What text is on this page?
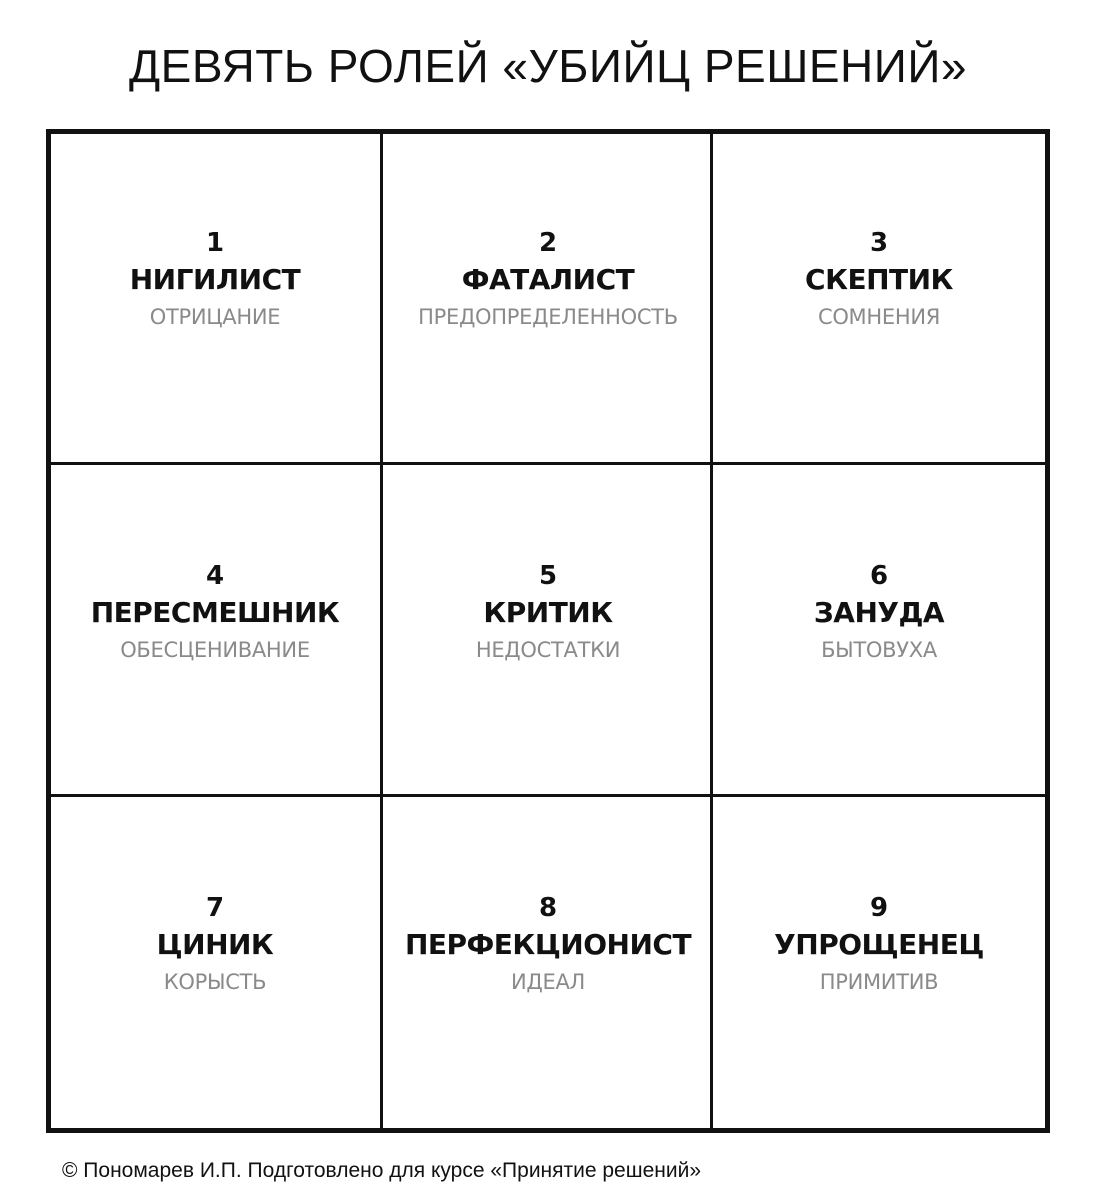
ДЕВЯТЬ РОЛЕЙ «УБИЙЦ РЕШЕНИЙ»
1
НИГИЛИСТ
ОТРИЦАНИЕ
2
ФАТАЛИСТ
ПРЕДОПРЕДЕЛЕННОСТЬ
3
СКЕПТИК
СОМНЕНИЯ
4
ПЕРЕСМЕШНИК
ОБЕСЦЕНИВАНИЕ
5
КРИТИК
НЕДОСТАТКИ
6
ЗАНУДА
БЫТОВУХА
7
ЦИНИК
КОРЫСТЬ
8
ПЕРФЕКЦИОНИСТ
ИДЕАЛ
9
УПРОЩЕНЕЦ
ПРИМИТИВ
© Пономарев И.П. Подготовлено для курсе «Принятие решений»
